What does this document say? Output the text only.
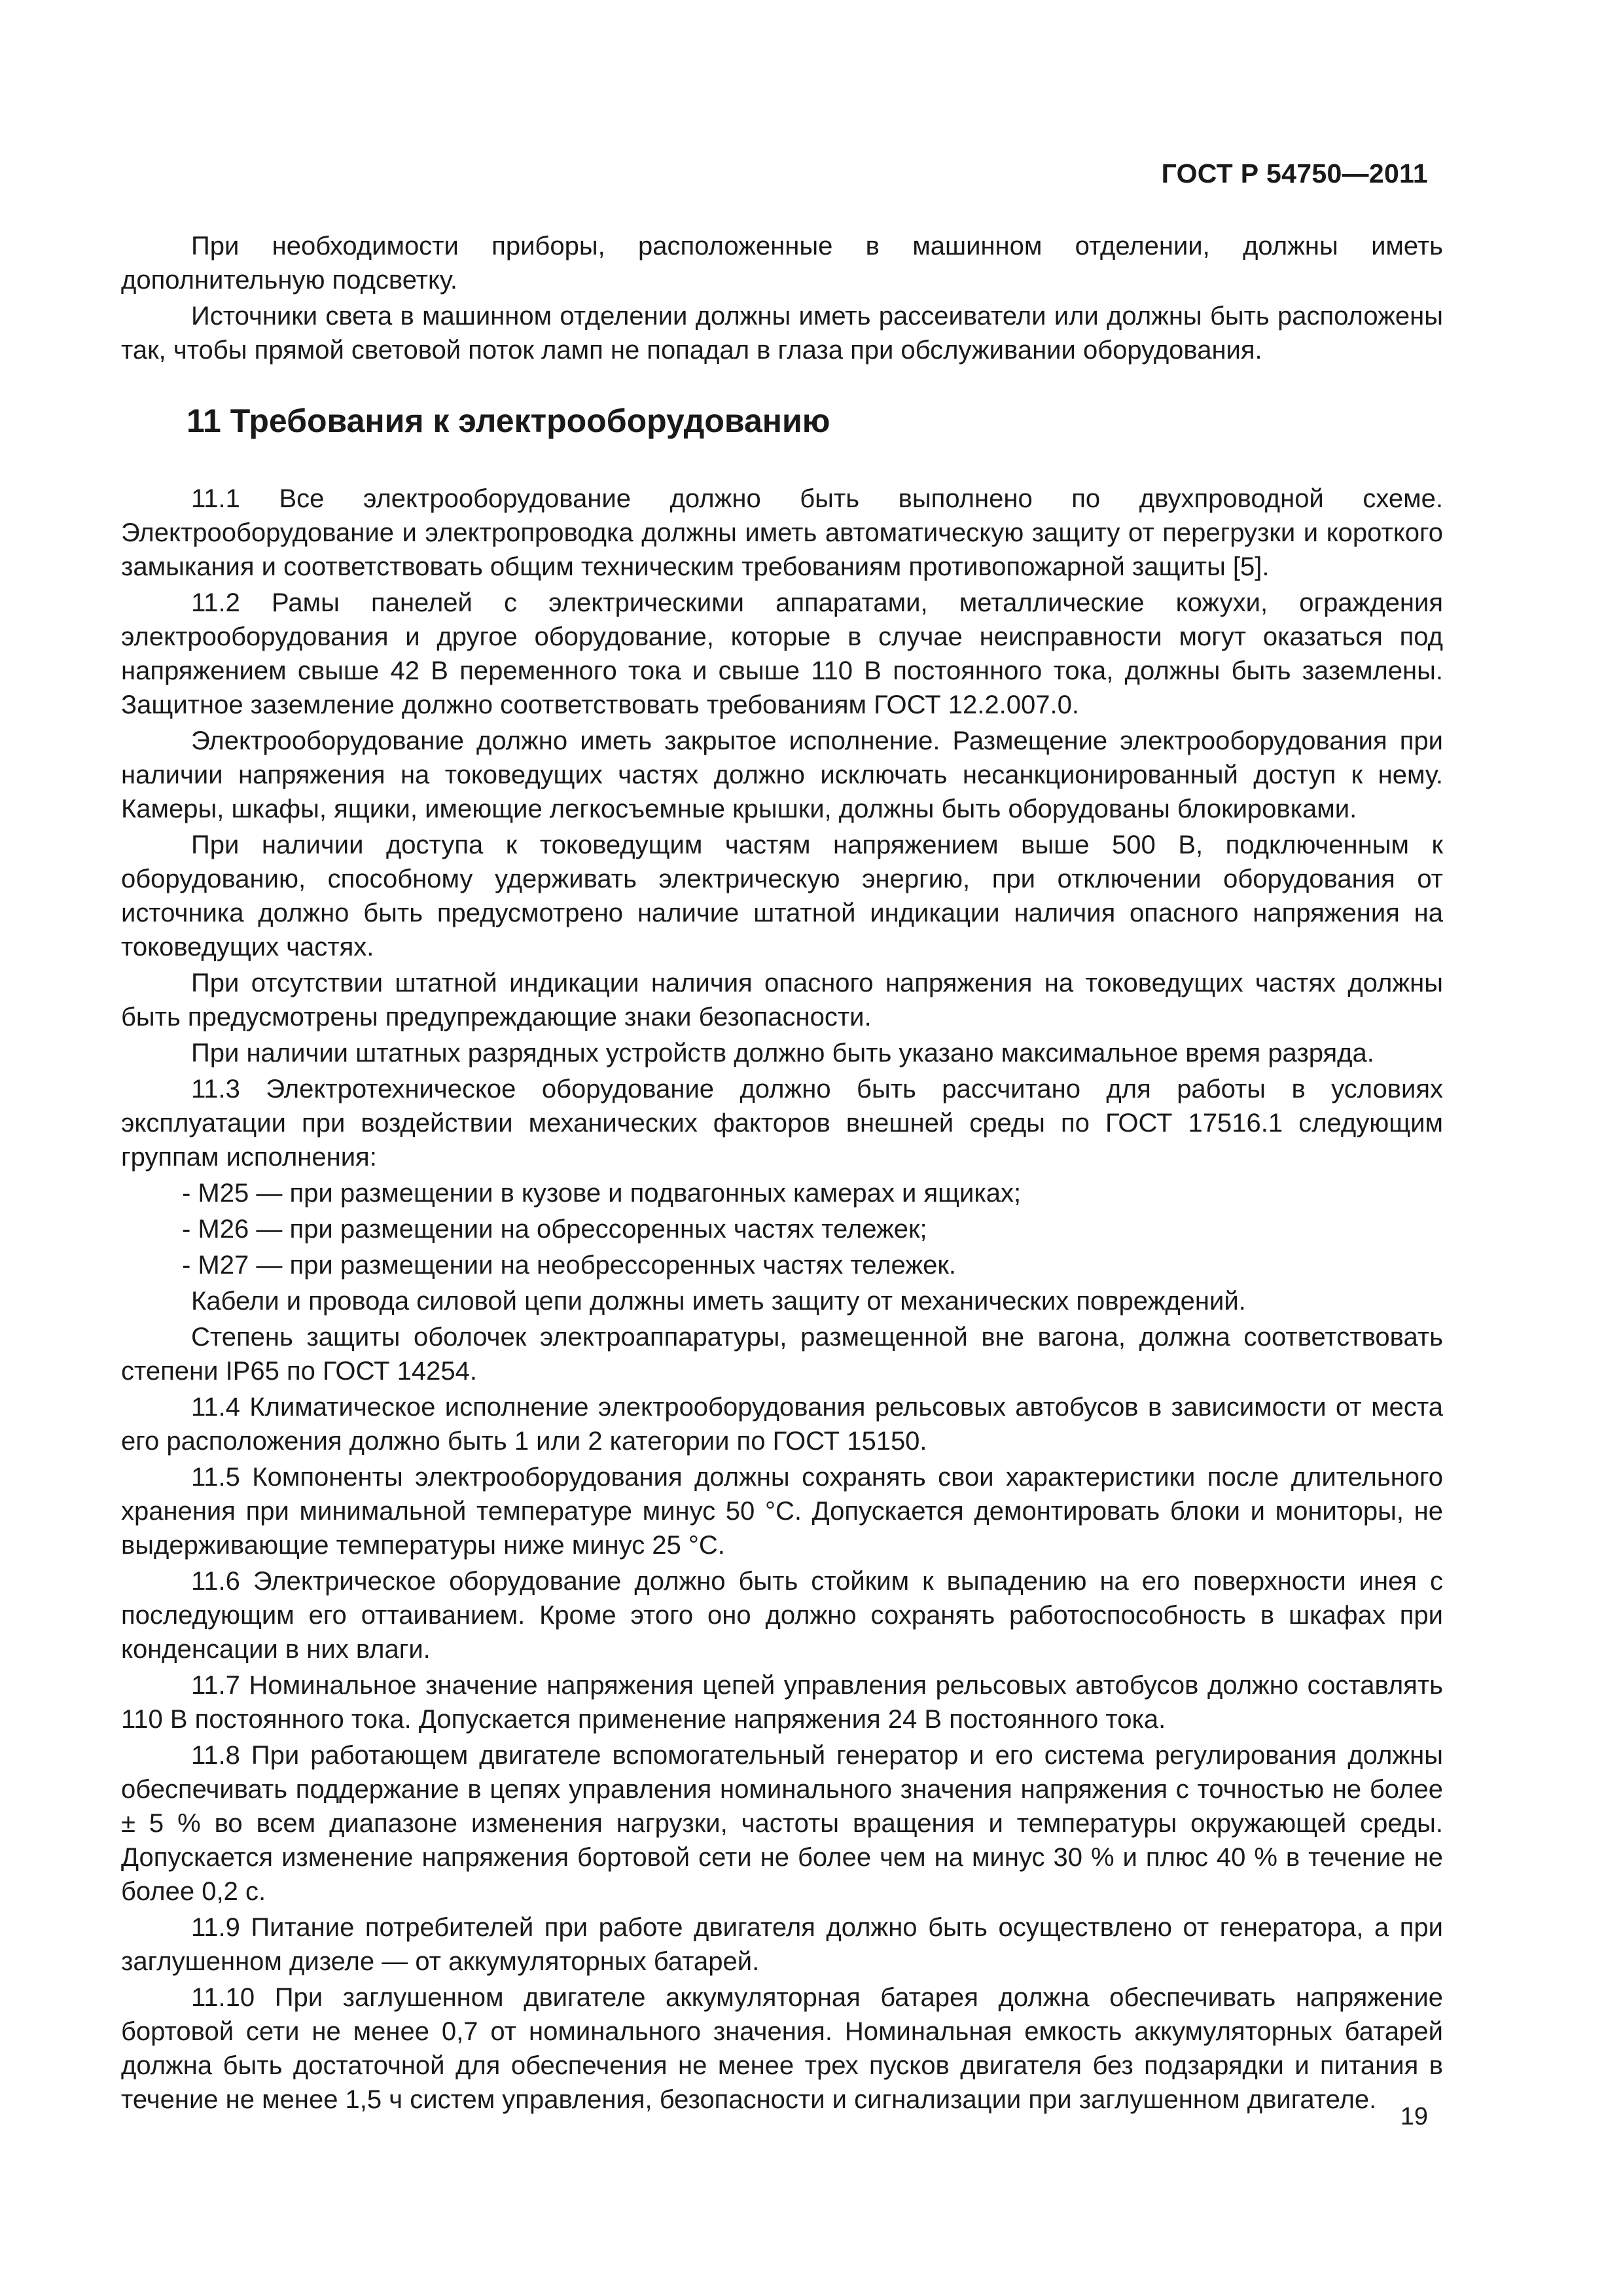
ГОСТ Р 54750—2011

При необходимости приборы, расположенные в машинном отделении, должны иметь дополнительную подсветку.

Источники света в машинном отделении должны иметь рассеиватели или должны быть расположены так, чтобы прямой световой поток ламп не попадал в глаза при обслуживании оборудования.

11 Требования к электрооборудованию

11.1 Все электрооборудование должно быть выполнено по двухпроводной схеме. Электрооборудование и электропроводка должны иметь автоматическую защиту от перегрузки и короткого замыкания и соответствовать общим техническим требованиям противопожарной защиты [5].

11.2 Рамы панелей с электрическими аппаратами, металлические кожухи, ограждения электрооборудования и другое оборудование, которые в случае неисправности могут оказаться под напряжением свыше 42 В переменного тока и свыше 110 В постоянного тока, должны быть заземлены. Защитное заземление должно соответствовать требованиям ГОСТ 12.2.007.0.

Электрооборудование должно иметь закрытое исполнение. Размещение электрооборудования при наличии напряжения на токоведущих частях должно исключать несанкционированный доступ к нему. Камеры, шкафы, ящики, имеющие легкосъемные крышки, должны быть оборудованы блокировками.

При наличии доступа к токоведущим частям напряжением выше 500 В, подключенным к оборудованию, способному удерживать электрическую энергию, при отключении оборудования от источника должно быть предусмотрено наличие штатной индикации наличия опасного напряжения на токоведущих частях.

При отсутствии штатной индикации наличия опасного напряжения на токоведущих частях должны быть предусмотрены предупреждающие знаки безопасности.

При наличии штатных разрядных устройств должно быть указано максимальное время разряда.

11.3 Электротехническое оборудование должно быть рассчитано для работы в условиях эксплуатации при воздействии механических факторов внешней среды по ГОСТ 17516.1 следующим группам исполнения:

- М25 — при размещении в кузове и подвагонных камерах и ящиках;

- М26 — при размещении на обрессоренных частях тележек;

- М27 — при размещении на необрессоренных частях тележек.

Кабели и провода силовой цепи должны иметь защиту от механических повреждений.

Степень защиты оболочек электроаппаратуры, размещенной вне вагона, должна соответствовать степени IP65 по ГОСТ 14254.

11.4 Климатическое исполнение электрооборудования рельсовых автобусов в зависимости от места его расположения должно быть 1 или 2 категории по ГОСТ 15150.

11.5 Компоненты электрооборудования должны сохранять свои характеристики после длительного хранения при минимальной температуре минус 50 °С. Допускается демонтировать блоки и мониторы, не выдерживающие температуры ниже минус 25 °С.

11.6 Электрическое оборудование должно быть стойким к выпадению на его поверхности инея с последующим его оттаиванием. Кроме этого оно должно сохранять работоспособность в шкафах при конденсации в них влаги.

11.7 Номинальное значение напряжения цепей управления рельсовых автобусов должно составлять 110 В постоянного тока. Допускается применение напряжения 24 В постоянного тока.

11.8 При работающем двигателе вспомогательный генератор и его система регулирования должны обеспечивать поддержание в цепях управления номинального значения напряжения с точностью не более ± 5 % во всем диапазоне изменения нагрузки, частоты вращения и температуры окружающей среды. Допускается изменение напряжения бортовой сети не более чем на минус 30 % и плюс 40 % в течение не более 0,2 с.

11.9 Питание потребителей при работе двигателя должно быть осуществлено от генератора, а при заглушенном дизеле — от аккумуляторных батарей.

11.10 При заглушенном двигателе аккумуляторная батарея должна обеспечивать напряжение бортовой сети не менее 0,7 от номинального значения. Номинальная емкость аккумуляторных батарей должна быть достаточной для обеспечения не менее трех пусков двигателя без подзарядки и питания в течение не менее 1,5 ч систем управления, безопасности и сигнализации при заглушенном двигателе.

19
